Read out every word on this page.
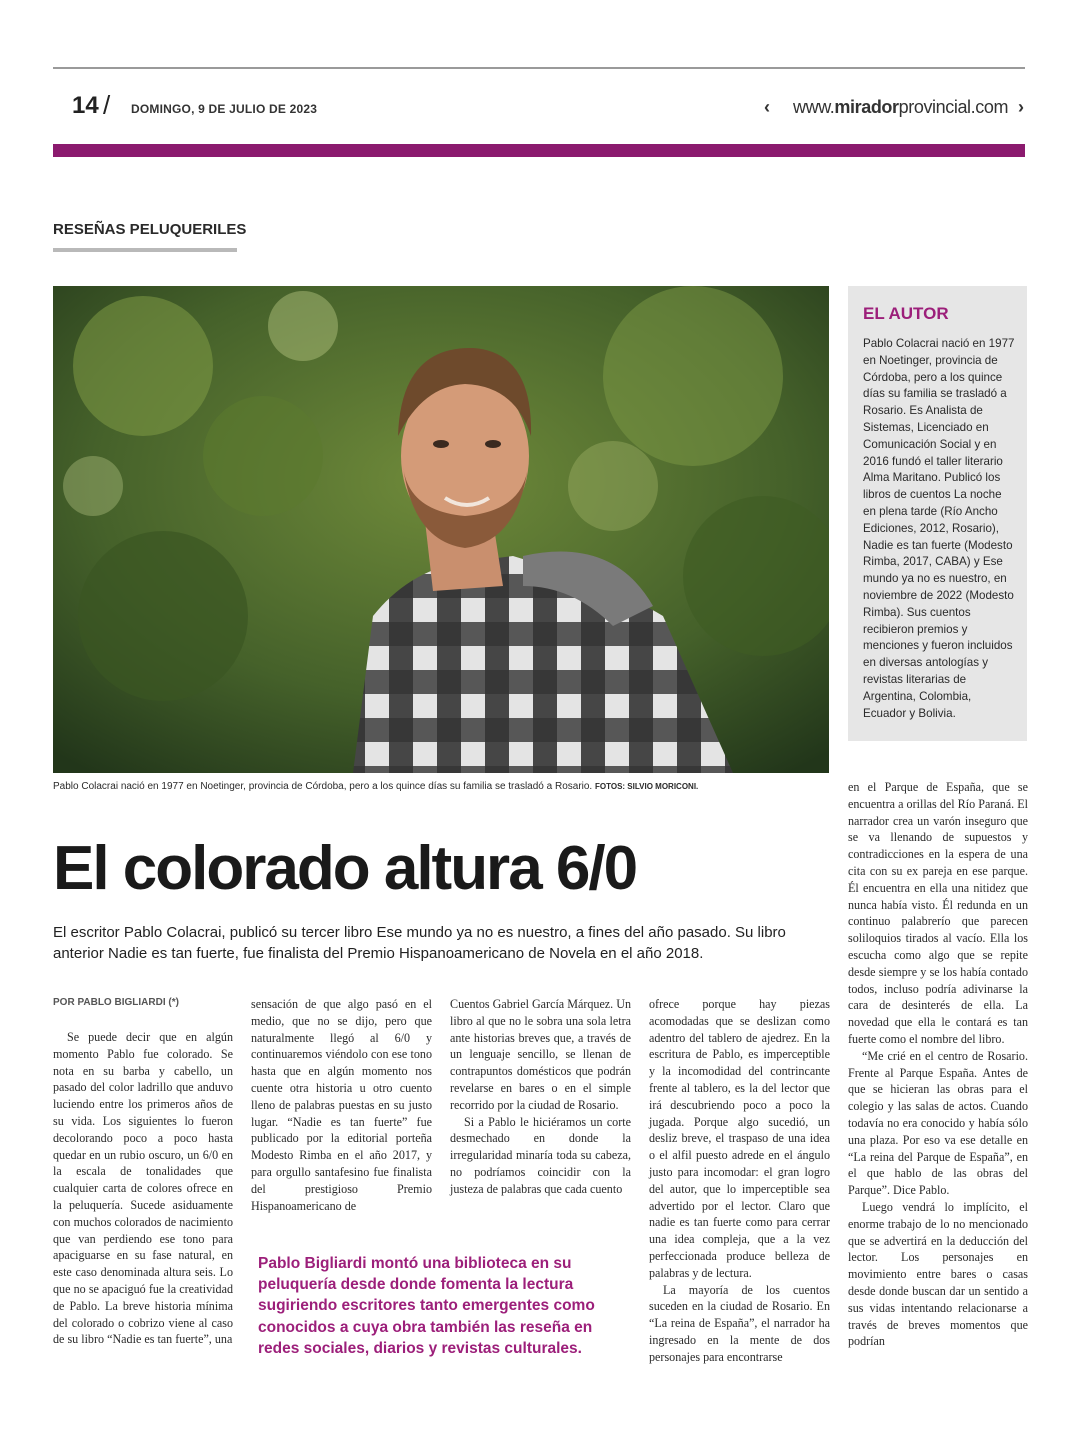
14 / DOMINGO, 9 DE JULIO DE 2023	‹ www.miradorprovincial.com ›
RESEÑAS PELUQUERILES
Pablo Colacrai nació en 1977 en Noetinger, provincia de Córdoba, pero a los quince días su familia se trasladó a Rosario. FOTOS: SILVIO MORICONI.
EL AUTOR
Pablo Colacrai nació en 1977 en Noetinger, provincia de Córdoba, pero a los quince días su familia se trasladó a Rosario. Es Analista de Sistemas, Licenciado en Comunicación Social y en 2016 fundó el taller literario Alma Maritano. Publicó los libros de cuentos La noche en plena tarde (Río Ancho Ediciones, 2012, Rosario), Nadie es tan fuerte (Modesto Rimba, 2017, CABA) y Ese mundo ya no es nuestro, en noviembre de 2022 (Modesto Rimba). Sus cuentos recibieron premios y menciones y fueron incluidos en diversas antologías y revistas literarias de Argentina, Colombia, Ecuador y Bolivia.
El colorado altura 6/0
El escritor Pablo Colacrai, publicó su tercer libro Ese mundo ya no es nuestro, a fines del año pasado. Su libro anterior Nadie es tan fuerte, fue finalista del Premio Hispanoamericano de Novela en el año 2018.
POR PABLO BIGLIARDI (*)

Se puede decir que en algún momento Pablo fue colorado. Se nota en su barba y cabello, un pasado del color ladrillo que anduvo luciendo entre los primeros años de su vida. Los siguientes lo fueron decolorando poco a poco hasta quedar en un rubio oscuro, un 6/0 en la escala de tonalidades que cualquier carta de colores ofrece en la peluquería. Sucede asiduamente con muchos colorados de nacimiento que van perdiendo ese tono para apaciguarse en su fase natural, en este caso denominada altura seis. Lo que no se apaciguó fue la creatividad de Pablo. La breve historia mínima del colorado o cobrizo viene al caso de su libro “Nadie es tan fuerte”, una

sensación de que algo pasó en el medio, que no se dijo, pero que naturalmente llegó al 6/0 y continuaremos viéndolo con ese tono hasta que en algún momento nos cuente otra historia u otro cuento lleno de palabras puestas en su justo lugar. “Nadie es tan fuerte” fue publicado por la editorial porteña Modesto Rimba en el año 2017, y para orgullo santafesino fue finalista del prestigioso Premio Hispanoamericano de

Cuentos Gabriel García Márquez. Un libro al que no le sobra una sola letra ante historias breves que, a través de un lenguaje sencillo, se llenan de contrapuntos domésticos que podrán revelarse en bares o en el simple recorrido por la ciudad de Rosario.

Si a Pablo le hiciéramos un corte desmechado en donde la irregularidad minaría toda su cabeza, no podríamos coincidir con la justeza de palabras que cada cuento

ofrece porque hay piezas acomodadas que se deslizan como adentro del tablero de ajedrez. En la escritura de Pablo, es imperceptible y la incomodidad del contrincante frente al tablero, es la del lector que irá descubriendo poco a poco la jugada. Porque algo sucedió, un desliz breve, el traspaso de una idea o el alfil puesto adrede en el ángulo justo para incomodar: el gran logro del autor, que lo imperceptible sea advertido por el lector. Claro que nadie es tan fuerte como para cerrar una idea compleja, que a la vez perfeccionada produce belleza de palabras y de lectura.

La mayoría de los cuentos suceden en la ciudad de Rosario. En “La reina de España”, el narrador ha ingresado en la mente de dos personajes para encontrarse

en el Parque de España, que se encuentra a orillas del Río Paraná. El narrador crea un varón inseguro que se va llenando de supuestos y contradicciones en la espera de una cita con su ex pareja en ese parque. Él encuentra en ella una nitidez que nunca había visto. Él redunda en un continuo palabrerío que parecen soliloquios tirados al vacío. Ella los escucha como algo que se repite desde siempre y se los había contado todos, incluso podría adivinarse la cara de desinterés de ella. La novedad que ella le contará es tan fuerte como el nombre del libro.

“Me crié en el centro de Rosario. Frente al Parque España. Antes de que se hicieran las obras para el colegio y las salas de actos. Cuando todavía no era conocido y había sólo una plaza. Por eso va ese detalle en “La reina del Parque de España”, en el que hablo de las obras del Parque”. Dice Pablo.

Luego vendrá lo implícito, el enorme trabajo de lo no mencionado que se advertirá en la deducción del lector. Los personajes en movimiento entre bares o casas desde donde buscan dar un sentido a sus vidas intentando relacionarse a través de breves momentos que podrían

Pablo Bigliardi montó una biblioteca en su peluquería desde donde fomenta la lectura sugiriendo escritores tanto emergentes como conocidos a cuya obra también las reseña en redes sociales, diarios y revistas culturales.
